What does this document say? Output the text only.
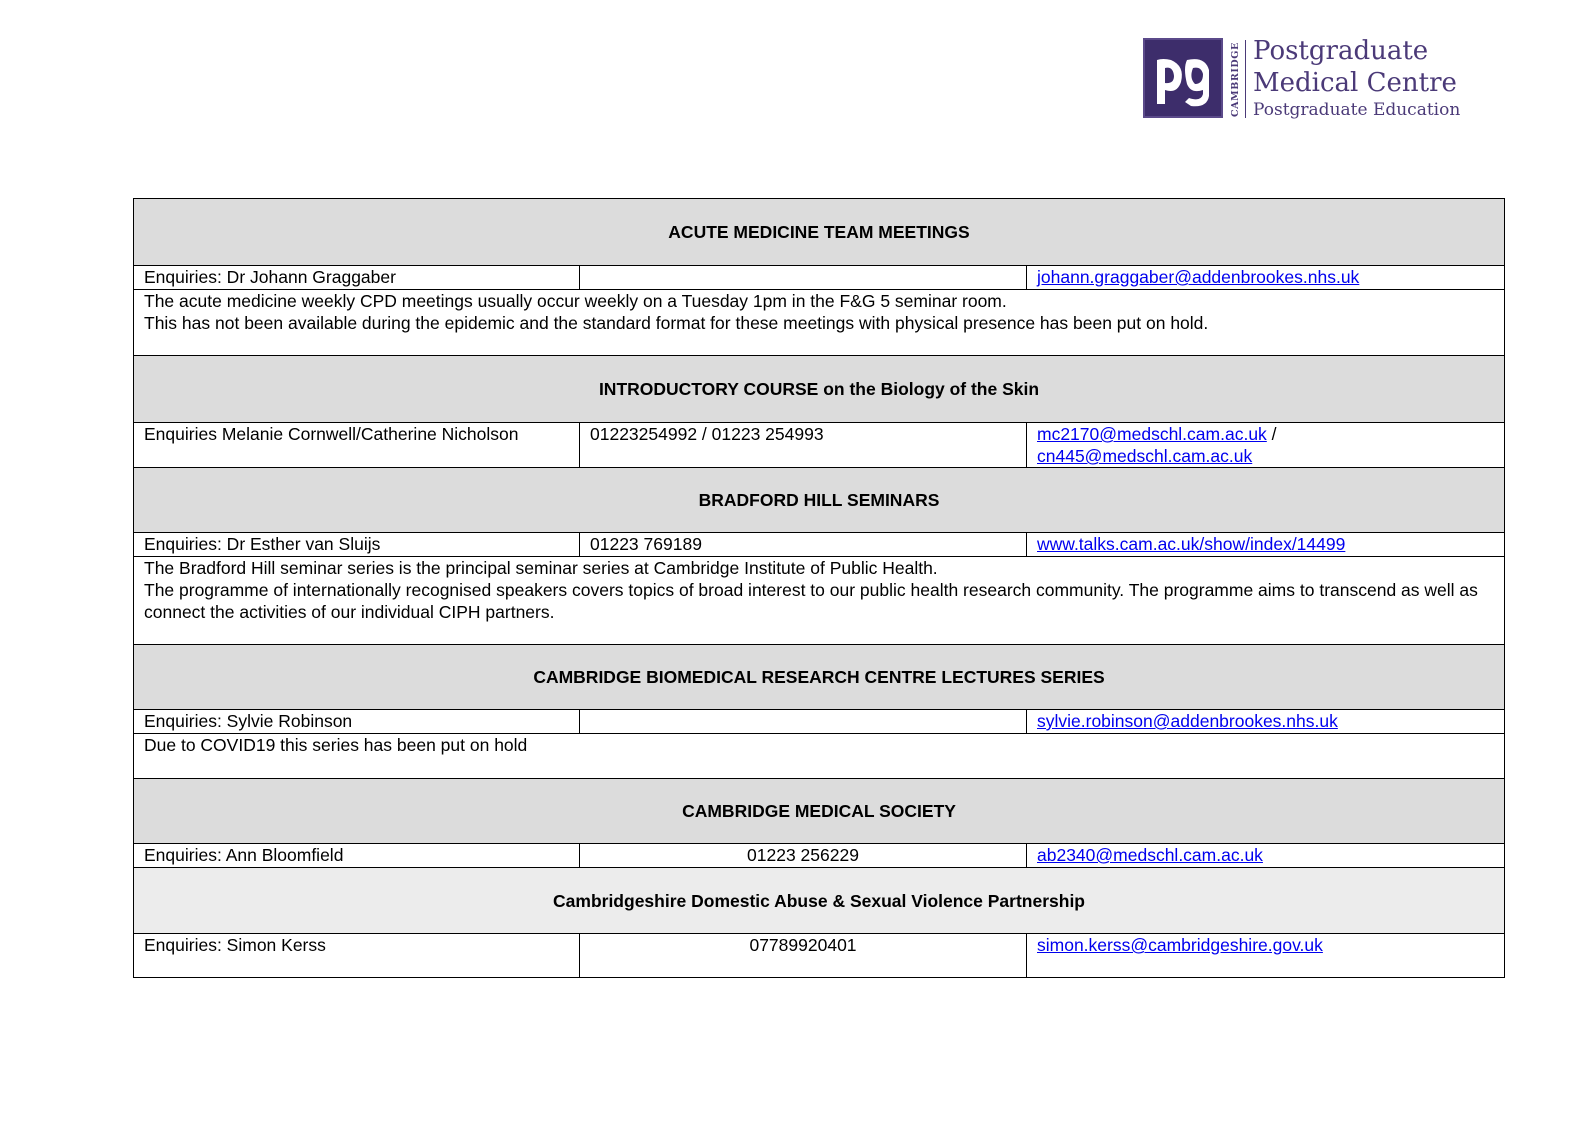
CAMBRIDGE Postgraduate
Medical Centre
Postgraduate Education
ACUTE MEDICINE TEAM MEETINGS		
Enquiries: Dr Johann Graggaber		johann.graggaber@addenbrookes.nhs.uk

The acute medicine weekly CPD meetings usually occur weekly on a Tuesday 1pm in the F&G 5 seminar room.
This has not been available during the epidemic and the standard format for these meetings with physical presence has been put on hold.		

INTRODUCTORY COURSE on the Biology of the Skin		
Enquiries Melanie Cornwell/Catherine Nicholson	01223254992 / 01223 254993	mc2170@medschl.cam.ac.uk /
cn445@medschl.cam.ac.uk
BRADFORD HILL SEMINARS		
Enquiries: Dr Esther van Sluijs	01223 769189	www.talks.cam.ac.uk/show/index/14499

The Bradford Hill seminar series is the principal seminar series at Cambridge Institute of Public Health.
The programme of internationally recognised speakers covers topics of broad interest to our public health research community. The programme aims to transcend as well as connect the activities of our individual CIPH partners.		

CAMBRIDGE BIOMEDICAL RESEARCH CENTRE LECTURES SERIES		
Enquiries: Sylvie Robinson		sylvie.robinson@addenbrookes.nhs.uk

Due to COVID19 this series has been put on hold		

CAMBRIDGE MEDICAL SOCIETY		
Enquiries: Ann Bloomfield	01223 256229	ab2340@medschl.cam.ac.uk
Cambridgeshire Domestic Abuse & Sexual Violence Partnership		
Enquiries: Simon Kerss	07789920401	simon.kerss@cambridgeshire.gov.uk
